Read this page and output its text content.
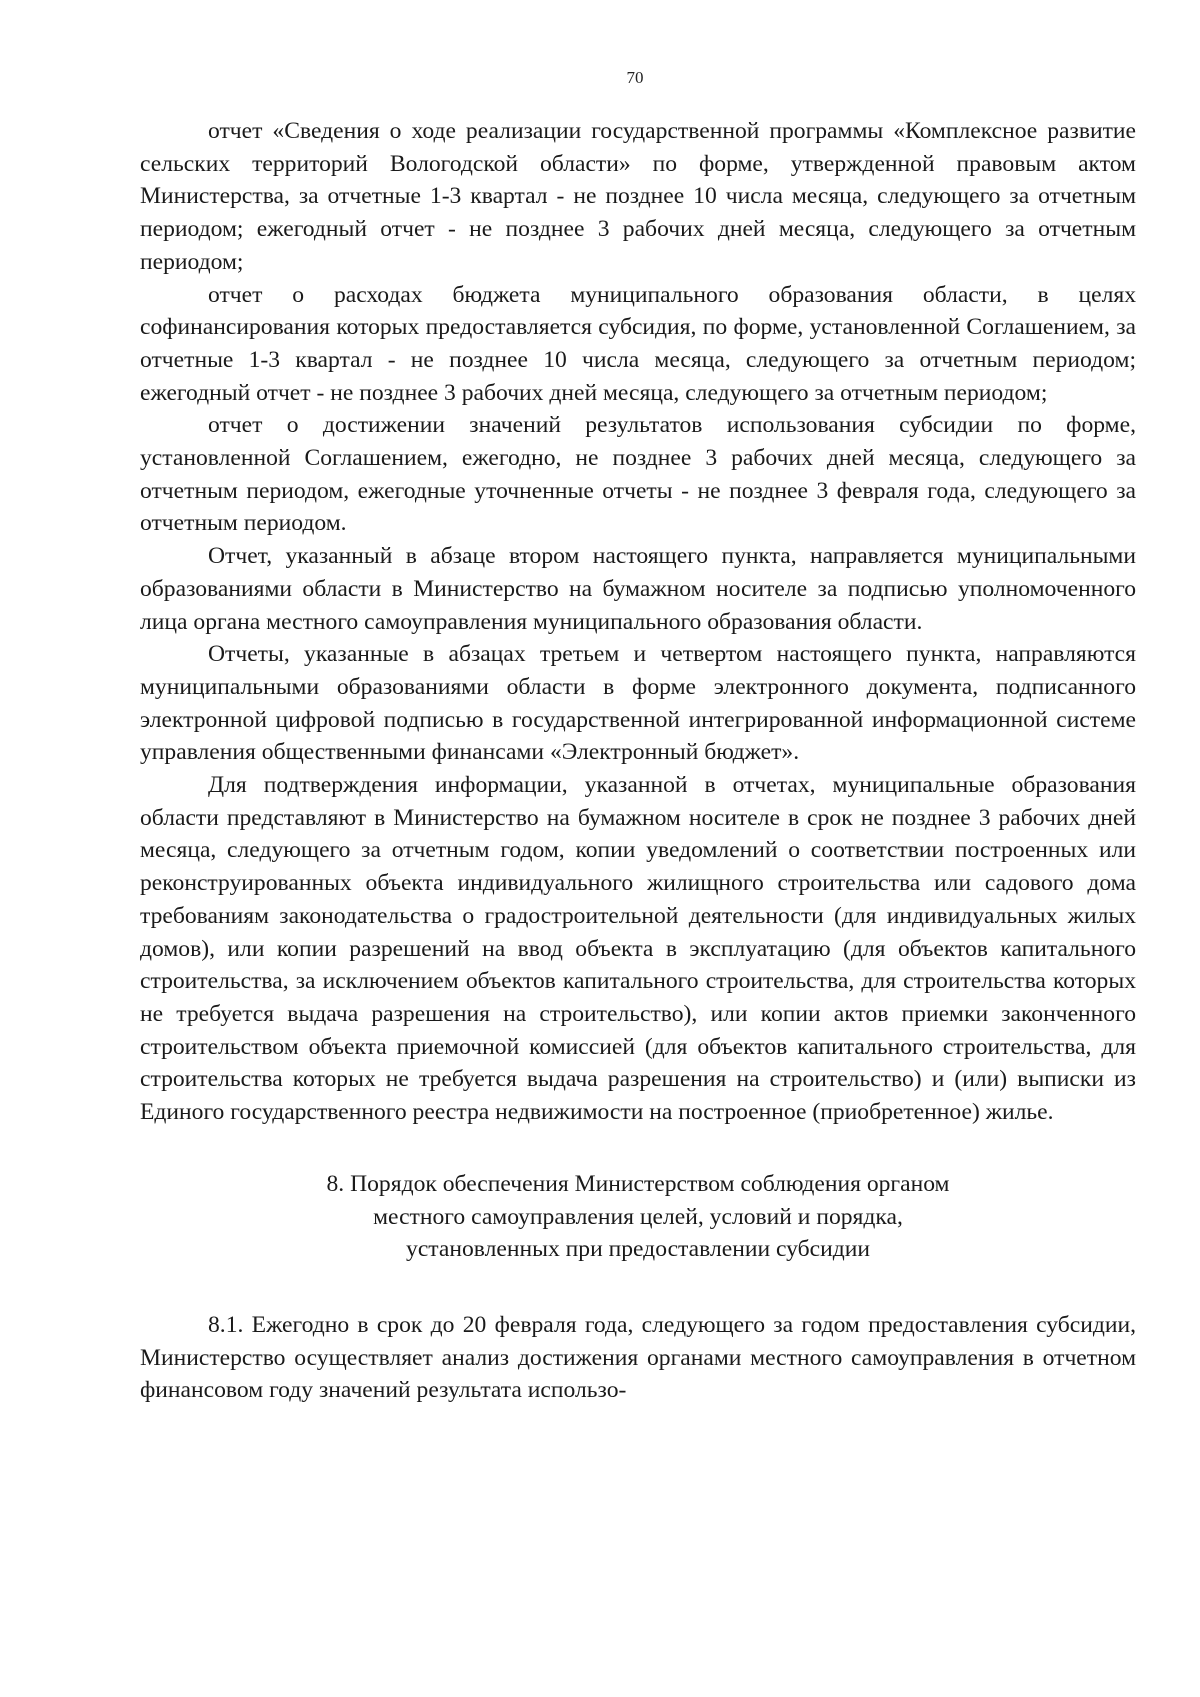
70

отчет «Сведения о ходе реализации государственной программы «Комплексное развитие сельских территорий Вологодской области» по форме, утвержденной правовым актом Министерства, за отчетные 1-3 квартал - не позднее 10 числа месяца, следующего за отчетным периодом; ежегодный отчет - не позднее 3 рабочих дней месяца, следующего за отчетным периодом;

отчет о расходах бюджета муниципального образования области, в целях софинансирования которых предоставляется субсидия, по форме, установленной Соглашением, за отчетные 1-3 квартал - не позднее 10 числа месяца, следующего за отчетным периодом; ежегодный отчет - не позднее 3 рабочих дней месяца, следующего за отчетным периодом;

отчет о достижении значений результатов использования субсидии по форме, установленной Соглашением, ежегодно, не позднее 3 рабочих дней месяца, следующего за отчетным периодом, ежегодные уточненные отчеты - не позднее 3 февраля года, следующего за отчетным периодом.

Отчет, указанный в абзаце втором настоящего пункта, направляется муниципальными образованиями области в Министерство на бумажном носителе за подписью уполномоченного лица органа местного самоуправления муниципального образования области.

Отчеты, указанные в абзацах третьем и четвертом настоящего пункта, направляются муниципальными образованиями области в форме электронного документа, подписанного электронной цифровой подписью в государственной интегрированной информационной системе управления общественными финансами «Электронный бюджет».

Для подтверждения информации, указанной в отчетах, муниципальные образования области представляют в Министерство на бумажном носителе в срок не позднее 3 рабочих дней месяца, следующего за отчетным годом, копии уведомлений о соответствии построенных или реконструированных объекта индивидуального жилищного строительства или садового дома требованиям законодательства о градостроительной деятельности (для индивидуальных жилых домов), или копии разрешений на ввод объекта в эксплуатацию (для объектов капитального строительства, за исключением объектов капитального строительства, для строительства которых не требуется выдача разрешения на строительство), или копии актов приемки законченного строительством объекта приемочной комиссией (для объектов капитального строительства, для строительства которых не требуется выдача разрешения на строительство) и (или) выписки из Единого государственного реестра недвижимости на построенное (приобретенное) жилье.

8. Порядок обеспечения Министерством соблюдения органом
местного самоуправления целей, условий и порядка,
установленных при предоставлении субсидии

8.1. Ежегодно в срок до 20 февраля года, следующего за годом предоставления субсидии, Министерство осуществляет анализ достижения органами местного самоуправления в отчетном финансовом году значений результата использо-
